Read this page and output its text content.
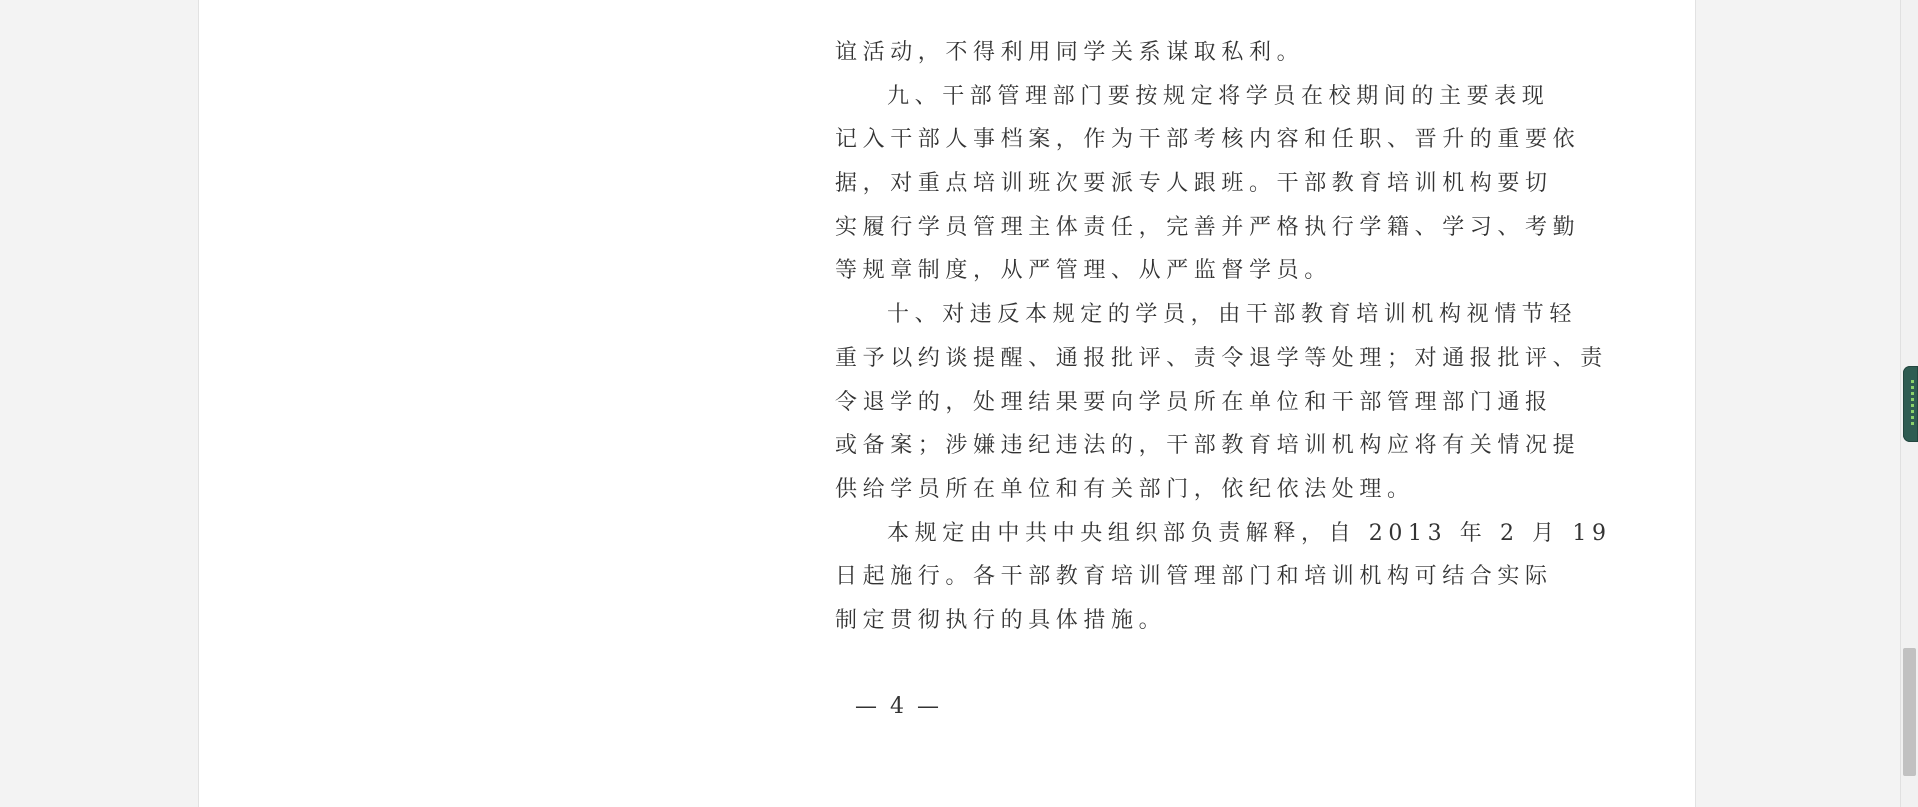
谊活动，不得利用同学关系谋取私利。
九、干部管理部门要按规定将学员在校期间的主要表现
记入干部人事档案，作为干部考核内容和任职、晋升的重要依
据，对重点培训班次要派专人跟班。干部教育培训机构要切
实履行学员管理主体责任，完善并严格执行学籍、学习、考勤
等规章制度，从严管理、从严监督学员。
十、对违反本规定的学员，由干部教育培训机构视情节轻
重予以约谈提醒、通报批评、责令退学等处理；对通报批评、责
令退学的，处理结果要向学员所在单位和干部管理部门通报
或备案；涉嫌违纪违法的，干部教育培训机构应将有关情况提
供给学员所在单位和有关部门，依纪依法处理。
本规定由中共中央组织部负责解释，自 2013 年 2 月 19
日起施行。各干部教育培训管理部门和培训机构可结合实际
制定贯彻执行的具体措施。
— 4 —
